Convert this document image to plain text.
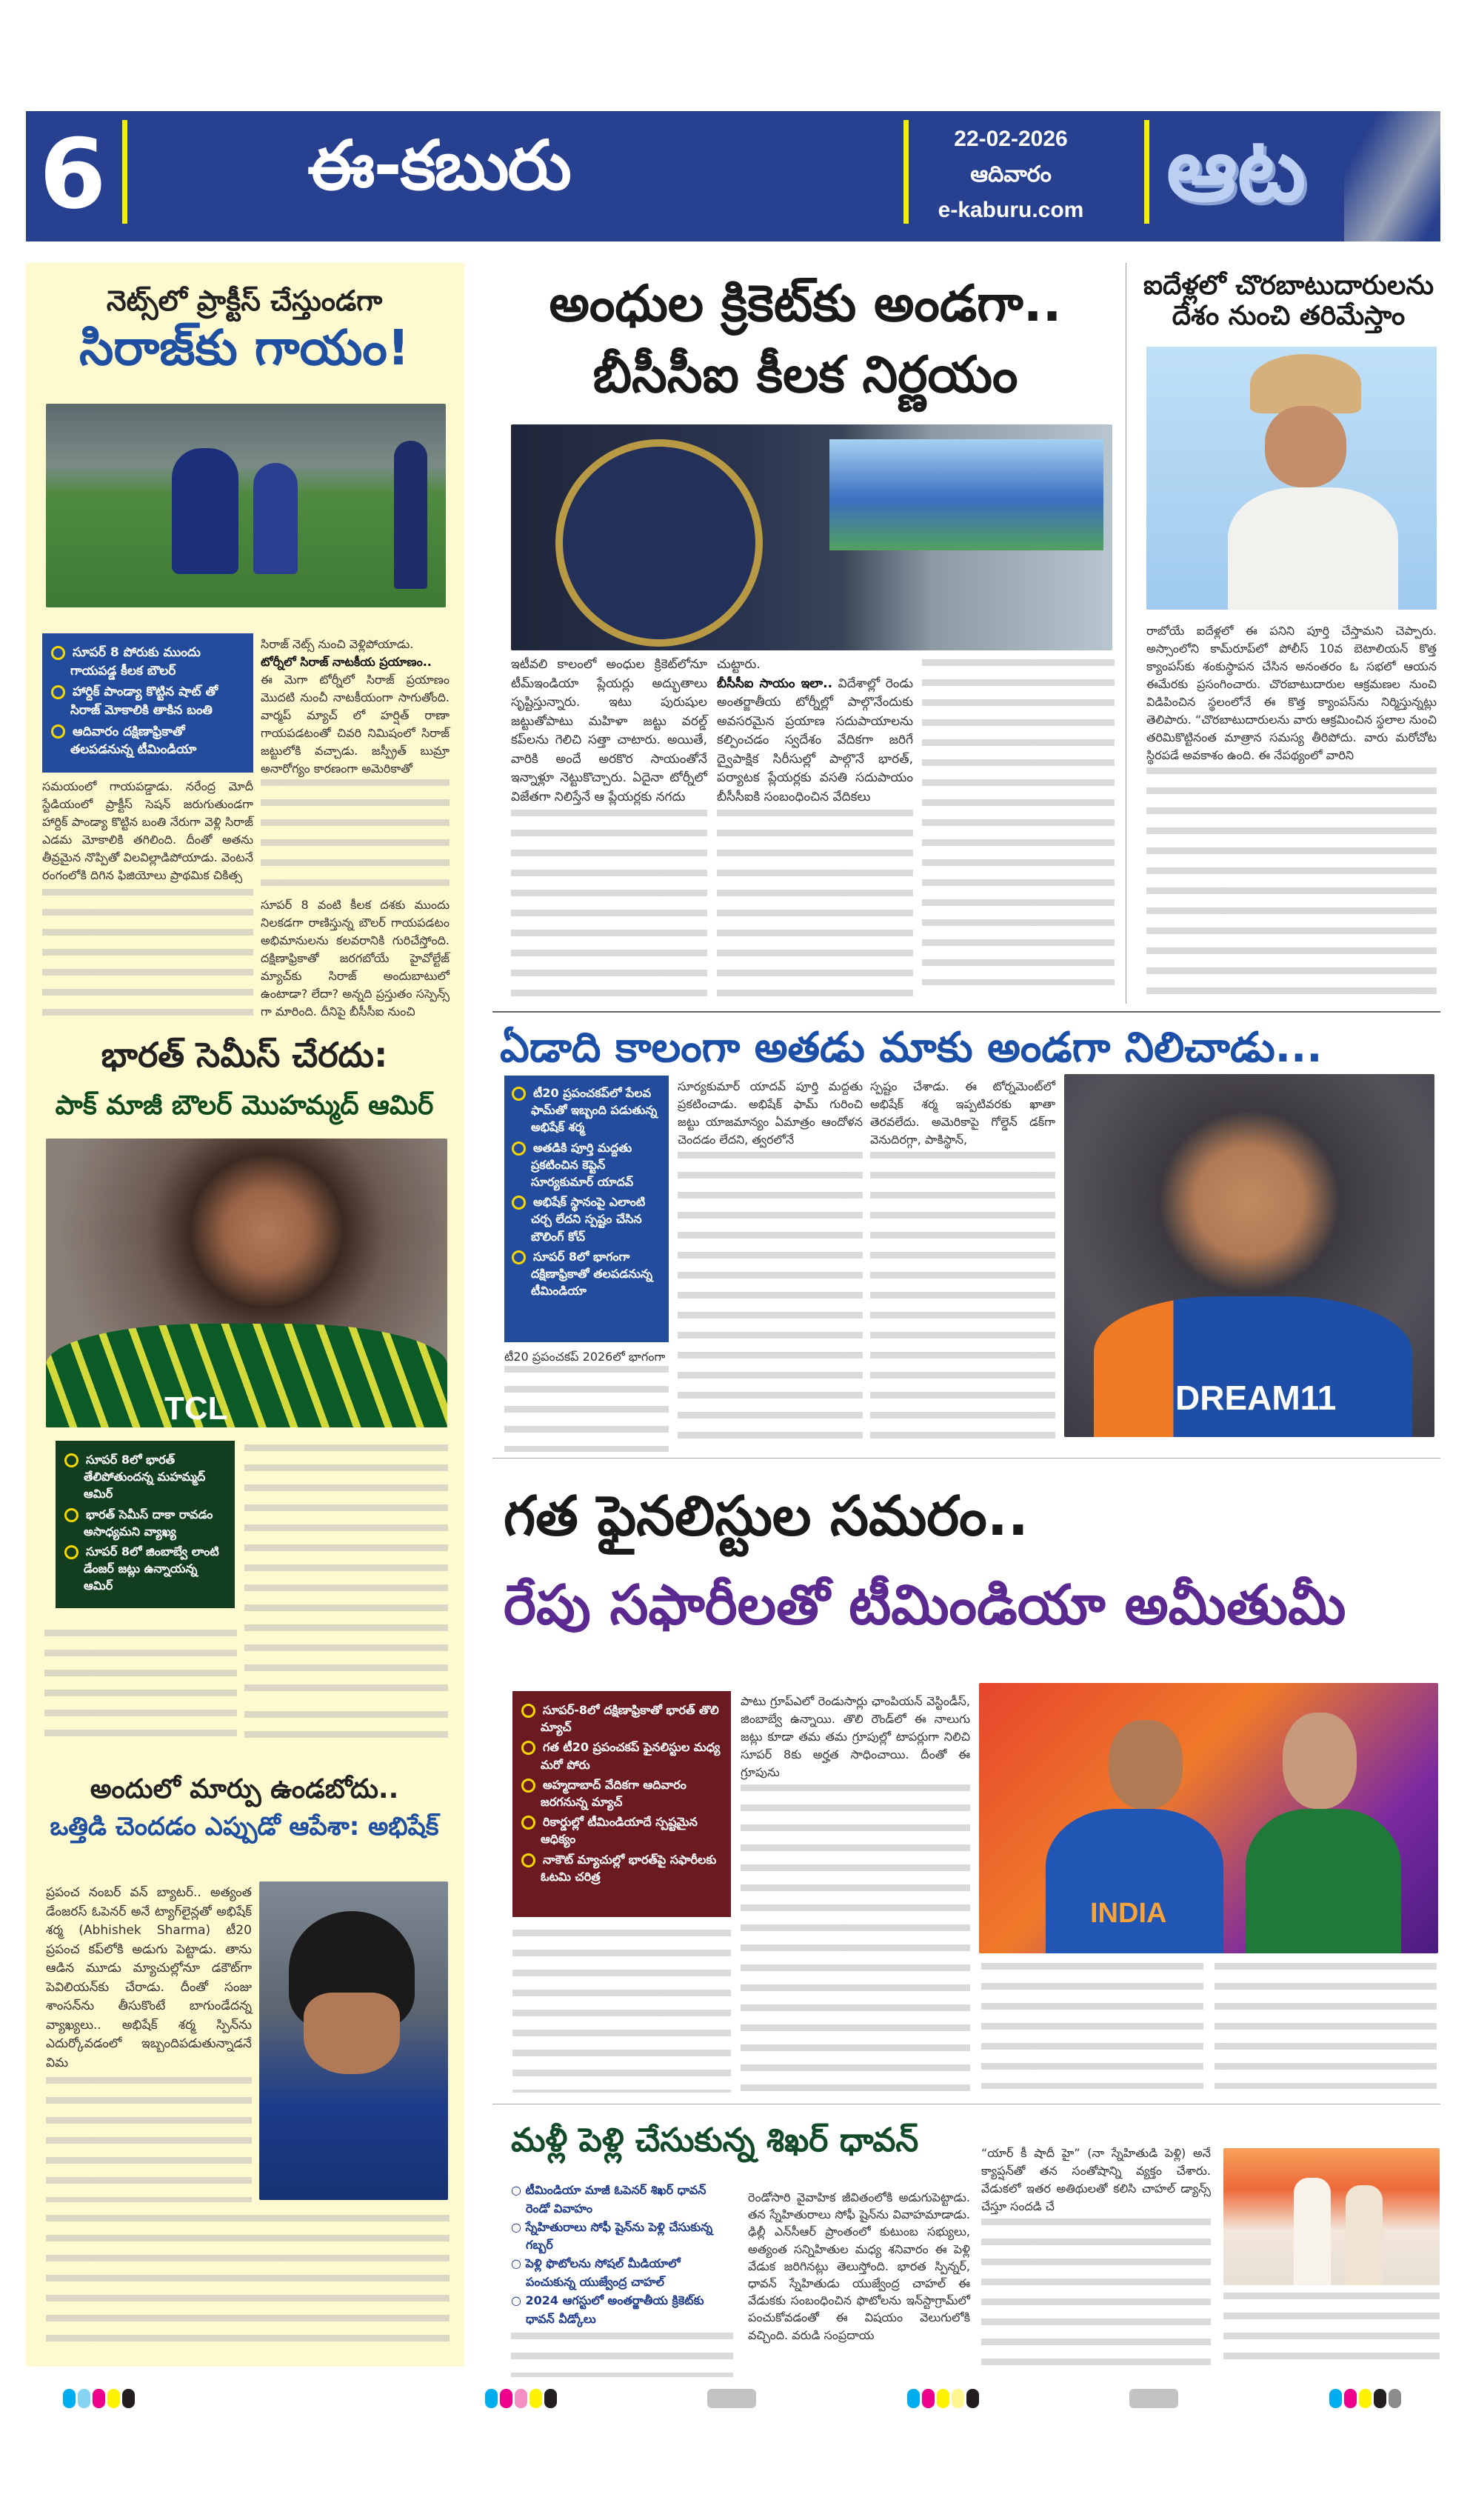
6	ఈ-కబురు	22-02-2026
ఆదివారం
e-kaburu.com ఆట
నెట్స్‌లో ప్రాక్టీస్ చేస్తుండగా
సిరాజ్‌కు గాయం!
సూపర్ 8 పోరుకు ముందు గాయపడ్డ కీలక బౌలర్
హార్దిక్ పాండ్యా కొట్టిన షాట్ తో సిరాజ్ మోకాలికి తాకిన బంతి
ఆదివారం దక్షిణాఫ్రికాతో తలపడనున్న టీమిండియా
సమయంలో గాయపడ్డాడు. నరేంద్ర మోదీ స్టేడియంలో ప్రాక్టీస్ సెషన్ జరుగుతుండగా హార్దిక్ పాండ్యా కొట్టిన బంతి నేరుగా వెళ్లి సిరాజ్ ఎడమ మోకాలికి తగిలింది. దీంతో అతను తీవ్రమైన నొప్పితో విలవిల్లాడిపోయాడు. వెంటనే రంగంలోకి దిగిన ఫిజియోలు ప్రాథమిక చికిత్స
సిరాజ్ నెట్స్ నుంచి వెళ్లిపోయాడు.
టోర్నీలో సిరాజ్ నాటకీయ ప్రయాణం..
ఈ మెగా టోర్నీలో సిరాజ్ ప్రయాణం మొదటి నుంచీ నాటకీయంగా సాగుతోంది. వార్మప్ మ్యాచ్ లో హర్షిత్ రాణా గాయపడటంతో చివరి నిమిషంలో సిరాజ్ జట్టులోకి వచ్చాడు. జస్ప్రీత్ బుమ్రా అనారోగ్యం కారణంగా అమెరికాతో
సూపర్ 8 వంటి కీలక దశకు ముందు నిలకడగా రాణిస్తున్న బౌలర్ గాయపడటం అభిమానులను కలవరానికి గురిచేస్తోంది. దక్షిణాఫ్రికాతో జరగబోయే హైవోల్టేజ్ మ్యాచ్‌కు సిరాజ్ అందుబాటులో ఉంటాడా? లేదా? అన్నది ప్రస్తుతం సస్పెన్స్ గా మారింది. దీనిపై బీసీసీఐ నుంచి
భారత్ సెమీస్ చేరదు:
పాక్ మాజీ బౌలర్ మొహమ్మద్ ఆమిర్
TCL
సూపర్ 8లో భారత్ తేలిపోతుందన్న మహమ్మద్ ఆమిర్
భారత్ సెమీస్ దాకా రావడం అసాధ్యమని వ్యాఖ్య
సూపర్ 8లో జింబాబ్వే లాంటి డేంజర్ జట్లు ఉన్నాయన్న ఆమిర్
అందులో మార్పు ఉండబోదు..
ఒత్తిడి చెందడం ఎప్పుడో ఆపేశా: అభిషేక్
ప్రపంచ నంబర్ వన్ బ్యాటర్.. అత్యంత డేంజరస్ ఓపెనర్ అనే ట్యాగ్‌లైన్లతో అభిషేక్ శర్మ (Abhishek Sharma) టీ20 ప్రపంచ కప్‌లోకి అడుగు పెట్టాడు. తాను ఆడిన మూడు మ్యాచుల్లోనూ డకౌట్‌గా పెవిలియన్‌కు చేరాడు. దీంతో సంజు శాంసన్‌ను తీసుకొంటే బాగుండేదన్న వ్యాఖ్యలు.. అభిషేక్ శర్మ స్పిన్‌ను ఎదుర్కోవడంలో ఇబ్బందిపడుతున్నాడనే విమ
అంధుల క్రికెట్‌కు అండగా..
బీసీసీఐ కీలక నిర్ణయం
ఇటీవలి కాలంలో అంధుల క్రికెట్‌లోనూ టీమ్ఇండియా ప్లేయర్లు అద్భుతాలు సృష్టిస్తున్నారు. ఇటు పురుషుల జట్టుతోపాటు మహిళా జట్టు వరల్డ్ కప్‌లను గెలిచి సత్తా చాటారు. అయితే, వారికి అందే అరకొర సాయంతోనే ఇన్నాళ్లూ నెట్టుకొచ్చారు. ఏదైనా టోర్నీలో విజేతగా నిలిస్తేనే ఆ ప్లేయర్లకు నగదు
చుట్టారు.
బీసీసీఐ సాయం ఇలా.. విదేశాల్లో రెండు అంతర్జాతీయ టోర్నీల్లో పాల్గొనేందుకు అవసరమైన ప్రయాణ సదుపాయాలను కల్పించడం స్వదేశం వేదికగా జరిగే ద్వైపాక్షిక సిరీసుల్లో పాల్గొనే భారత్, పర్యాటక ప్లేయర్లకు వసతి సదుపాయం బీసీసీఐకి సంబంధించిన వేదికలు
ఐదేళ్లలో చొరబాటుదారులను దేశం నుంచి తరిమేస్తాం
రాబోయే ఐదేళ్లలో ఈ పనిని పూర్తి చేస్తామని చెప్పారు. అస్సాంలోని కామ్‌రూప్‌లో పోలీస్ 10వ బెటాలియన్ కొత్త క్యాంపస్‌కు శంకుస్థాపన చేసిన అనంతరం ఓ సభలో ఆయన ఈమేరకు ప్రసంగించారు. చొరబాటుదారుల ఆక్రమణల నుంచి విడిపించిన స్థలంలోనే ఈ కొత్త క్యాంపస్‌ను నిర్మిస్తున్నట్లు తెలిపారు. “చొరబాటుదారులను వారు ఆక్రమించిన స్థలాల నుంచి తరిమికొట్టినంత మాత్రాన సమస్య తీరిపోదు. వారు మరోచోట స్థిరపడే అవకాశం ఉంది. ఈ నేపథ్యంలో వారిని
ఏడాది కాలంగా అతడు మాకు అండగా నిలిచాడు...
టీ20 ప్రపంచకప్‌లో పేలవ ఫామ్‌తో ఇబ్బంది పడుతున్న అభిషేక్ శర్మ
అతడికి పూర్తి మద్దతు ప్రకటించిన కెప్టెన్ సూర్యకుమార్ యాదవ్
అభిషేక్ స్థానంపై ఎలాంటి చర్చ లేదని స్పష్టం చేసిన బౌలింగ్ కోచ్
సూపర్ 8లో భాగంగా దక్షిణాఫ్రికాతో తలపడనున్న టీమిండియా
టీ20 ప్రపంచకప్ 2026లో భాగంగా
సూర్యకుమార్ యాదవ్ పూర్తి మద్దతు ప్రకటించాడు. అభిషేక్ ఫామ్ గురించి జట్టు యాజమాన్యం ఏమాత్రం ఆందోళన చెందడం లేదని, త్వరలోనే
స్పష్టం చేశాడు. ఈ టోర్నమెంట్‌లో అభిషేక్ శర్మ ఇప్పటివరకు ఖాతా తెరవలేదు. అమెరికాపై గోల్డెన్ డక్‌గా వెనుదిరగ్గా, పాకిస్థాన్,
DREAM11
గత ఫైనలిస్టుల సమరం..
రేపు సఫారీలతో టీమిండియా అమీతుమీ
సూపర్-8లో దక్షిణాఫ్రికాతో భారత్ తొలి మ్యాచ్
గత టీ20 ప్రపంచకప్ ఫైనలిస్టుల మధ్య మరో పోరు
అహ్మదాబాద్ వేదికగా ఆదివారం జరగనున్న మ్యాచ్
రికార్డుల్లో టీమిండియాదే స్పష్టమైన ఆధిక్యం
నాకౌట్ మ్యాచుల్లో భారత్‌పై సఫారీలకు ఓటమి చరిత్ర
పాటు గ్రూప్‌ఎలో రెండుసార్లు ఛాంపియన్ వెస్టిండీస్, జింబాబ్వే ఉన్నాయి. తొలి రౌండ్‌లో ఈ నాలుగు జట్లు కూడా తమ తమ గ్రూపుల్లో టాపర్లుగా నిలిచి సూపర్ 8కు అర్హత సాధించాయి. దీంతో ఈ గ్రూపును
INDIA
మళ్లీ పెళ్లి చేసుకున్న శిఖర్ ధావన్
○ టీమిండియా మాజీ ఓపెనర్ శిఖర్ ధావన్ రెండో వివాహం
○ స్నేహితురాలు సోఫీ షైన్‌ను పెళ్లి చేసుకున్న గబ్బర్
○ పెళ్లి ఫొటోలను సోషల్ మీడియాలో పంచుకున్న యుజ్వేంద్ర చాహల్
○ 2024 ఆగస్టులో అంతర్జాతీయ క్రికెట్‌కు ధావన్ వీడ్కోలు
రెండోసారి వైవాహిక జీవితంలోకి అడుగుపెట్టాడు. తన స్నేహితురాలు సోఫీ షైన్‌ను వివాహమాడాడు. ఢిల్లీ ఎన్‌సీఆర్ ప్రాంతంలో కుటుంబ సభ్యులు, అత్యంత సన్నిహితుల మధ్య శనివారం ఈ పెళ్లి వేడుక జరిగినట్లు తెలుస్తోంది. భారత స్పిన్నర్, ధావన్ స్నేహితుడు యుజ్వేంద్ర చాహల్ ఈ వేడుకకు సంబంధించిన ఫొటోలను ఇన్‌స్టాగ్రామ్‌లో పంచుకోవడంతో ఈ విషయం వెలుగులోకి వచ్చింది. వరుడి సంప్రదాయ
“యార్ కీ షాదీ హై” (నా స్నేహితుడి పెళ్లి) అనే క్యాప్షన్‌తో తన సంతోషాన్ని వ్యక్తం చేశారు. వేడుకలో ఇతర అతిథులతో కలిసి చాహల్ డ్యాన్స్ చేస్తూ సందడి చే
